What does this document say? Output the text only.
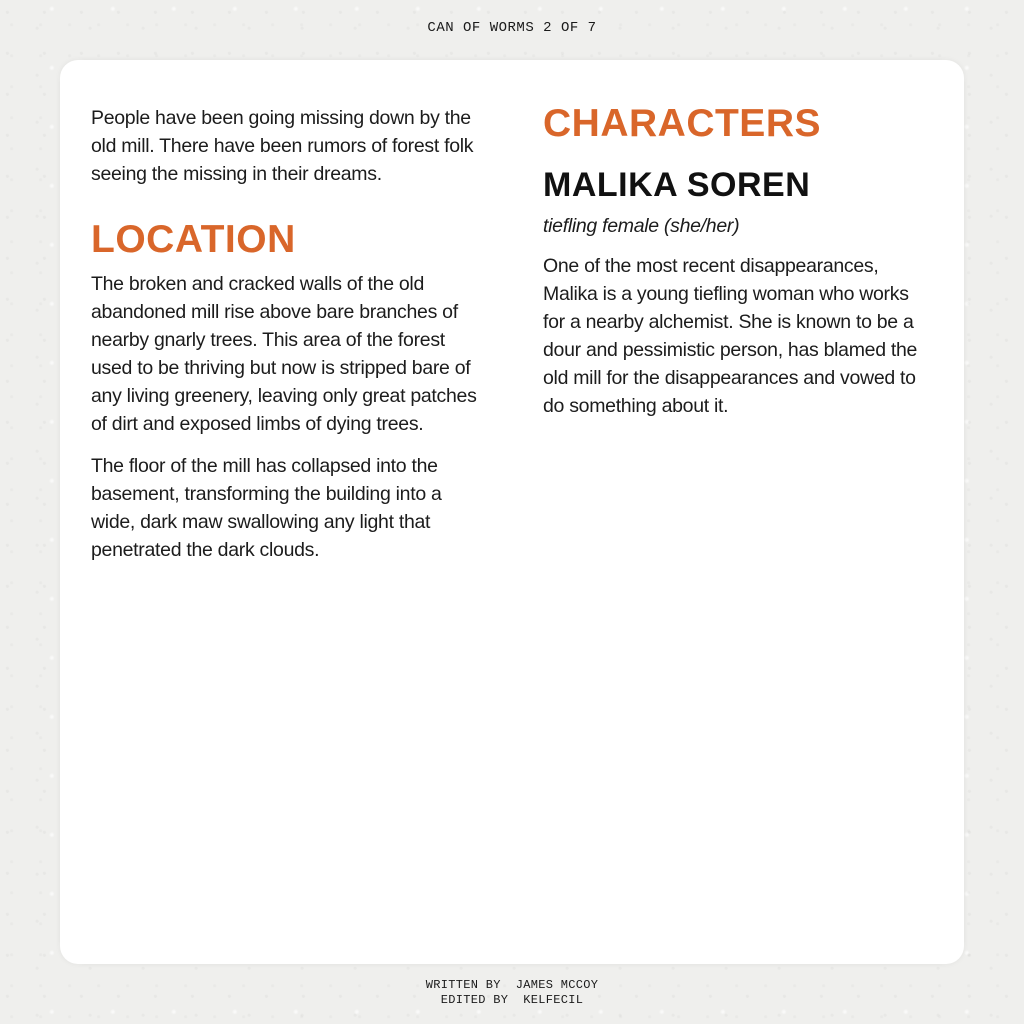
CAN OF WORMS 2 OF 7

People have been going missing down by the old mill. There have been rumors of forest folk seeing the missing in their dreams.

LOCATION

The broken and cracked walls of the old abandoned mill rise above bare branches of nearby gnarly trees. This area of the forest used to be thriving but now is stripped bare of any living greenery, leaving only great patches of dirt and exposed limbs of dying trees.

The floor of the mill has collapsed into the basement, transforming the building into a wide, dark maw swallowing any light that penetrated the dark clouds.

CHARACTERS
MALIKA SOREN
tiefling female (she/her)

One of the most recent disappearances, Malika is a young tiefling woman who works for a nearby alchemist. She is known to be a dour and pessimistic person, has blamed the old mill for the disappearances and vowed to do something about it.

WRITTEN BY  JAMES MCCOY
EDITED BY  KELFECIL
